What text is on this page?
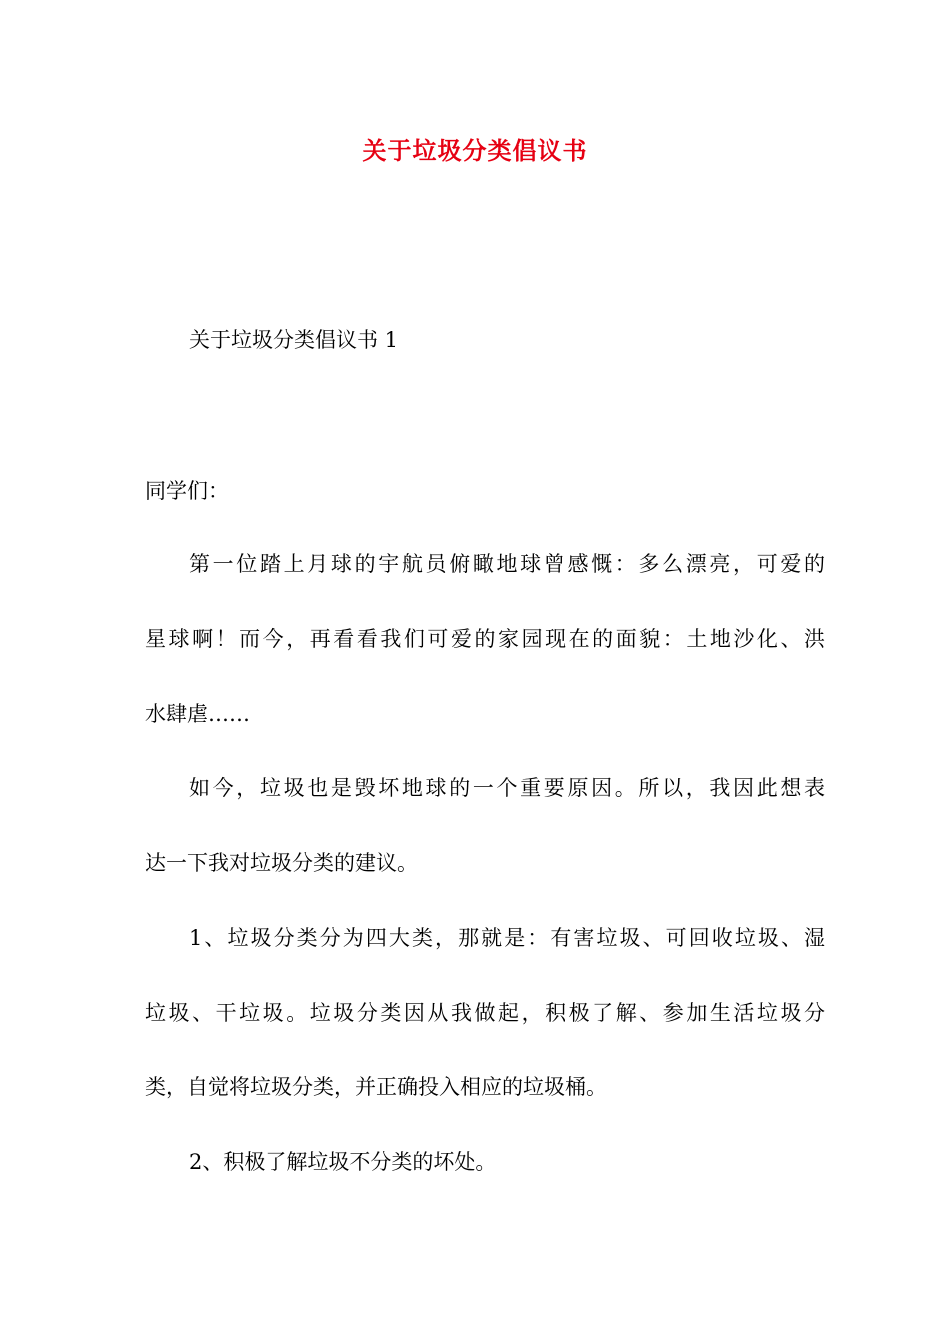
关于垃圾分类倡议书
关于垃圾分类倡议书 1
同学们：
第一位踏上月球的宇航员俯瞰地球曾感慨：多么漂亮，可爱的
星球啊！而今，再看看我们可爱的家园现在的面貌：土地沙化、洪
水肆虐……
如今，垃圾也是毁坏地球的一个重要原因。所以，我因此想表
达一下我对垃圾分类的建议。
1、垃圾分类分为四大类，那就是：有害垃圾、可回收垃圾、湿
垃圾、干垃圾。垃圾分类因从我做起，积极了解、参加生活垃圾分
类，自觉将垃圾分类，并正确投入相应的垃圾桶。
2、积极了解垃圾不分类的坏处。
